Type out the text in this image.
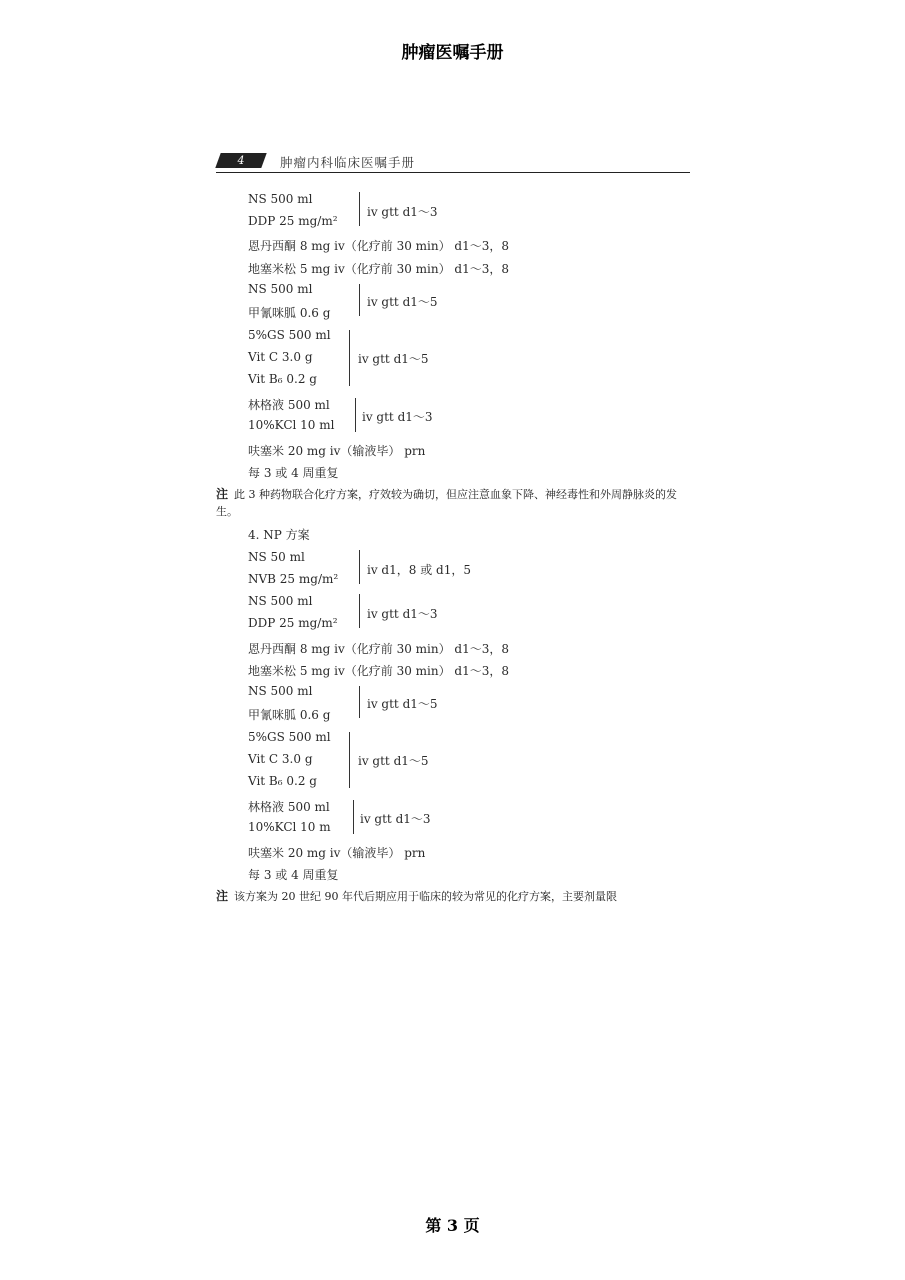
肿瘤医嘱手册
4	肿瘤内科临床医嘱手册
NS 500 ml
DDP 25 mg/m²
iv gtt d1～3
恩丹西酮 8 mg iv（化疗前 30 min） d1～3，8
地塞米松 5 mg iv（化疗前 30 min） d1～3，8
NS 500 ml
甲氰咪胍 0.6 g
iv gtt d1～5
5%GS 500 ml
Vit C 3.0 g
Vit B₆ 0.2 g
iv gtt d1～5
林格液 500 ml
10%KCl 10 ml
iv gtt d1～3
呋塞米 20 mg iv（输液毕） prn
每 3 或 4 周重复
注 此 3 种药物联合化疗方案，疗效较为确切，但应注意血象下降、神经毒性和外周静脉炎的发生。
4. NP 方案
NS 50 ml
NVB 25 mg/m²
iv d1，8 或 d1，5
NS 500 ml
DDP 25 mg/m²
iv gtt d1～3
恩丹西酮 8 mg iv（化疗前 30 min） d1～3，8
地塞米松 5 mg iv（化疗前 30 min） d1～3，8
NS 500 ml
甲氰咪胍 0.6 g
iv gtt d1～5
5%GS 500 ml
Vit C 3.0 g
Vit B₆ 0.2 g
iv gtt d1～5
林格液 500 ml
10%KCl 10 m
iv gtt d1～3
呋塞米 20 mg iv（输液毕） prn
每 3 或 4 周重复
注 该方案为 20 世纪 90 年代后期应用于临床的较为常见的化疗方案，主要剂量限
第 3 页
